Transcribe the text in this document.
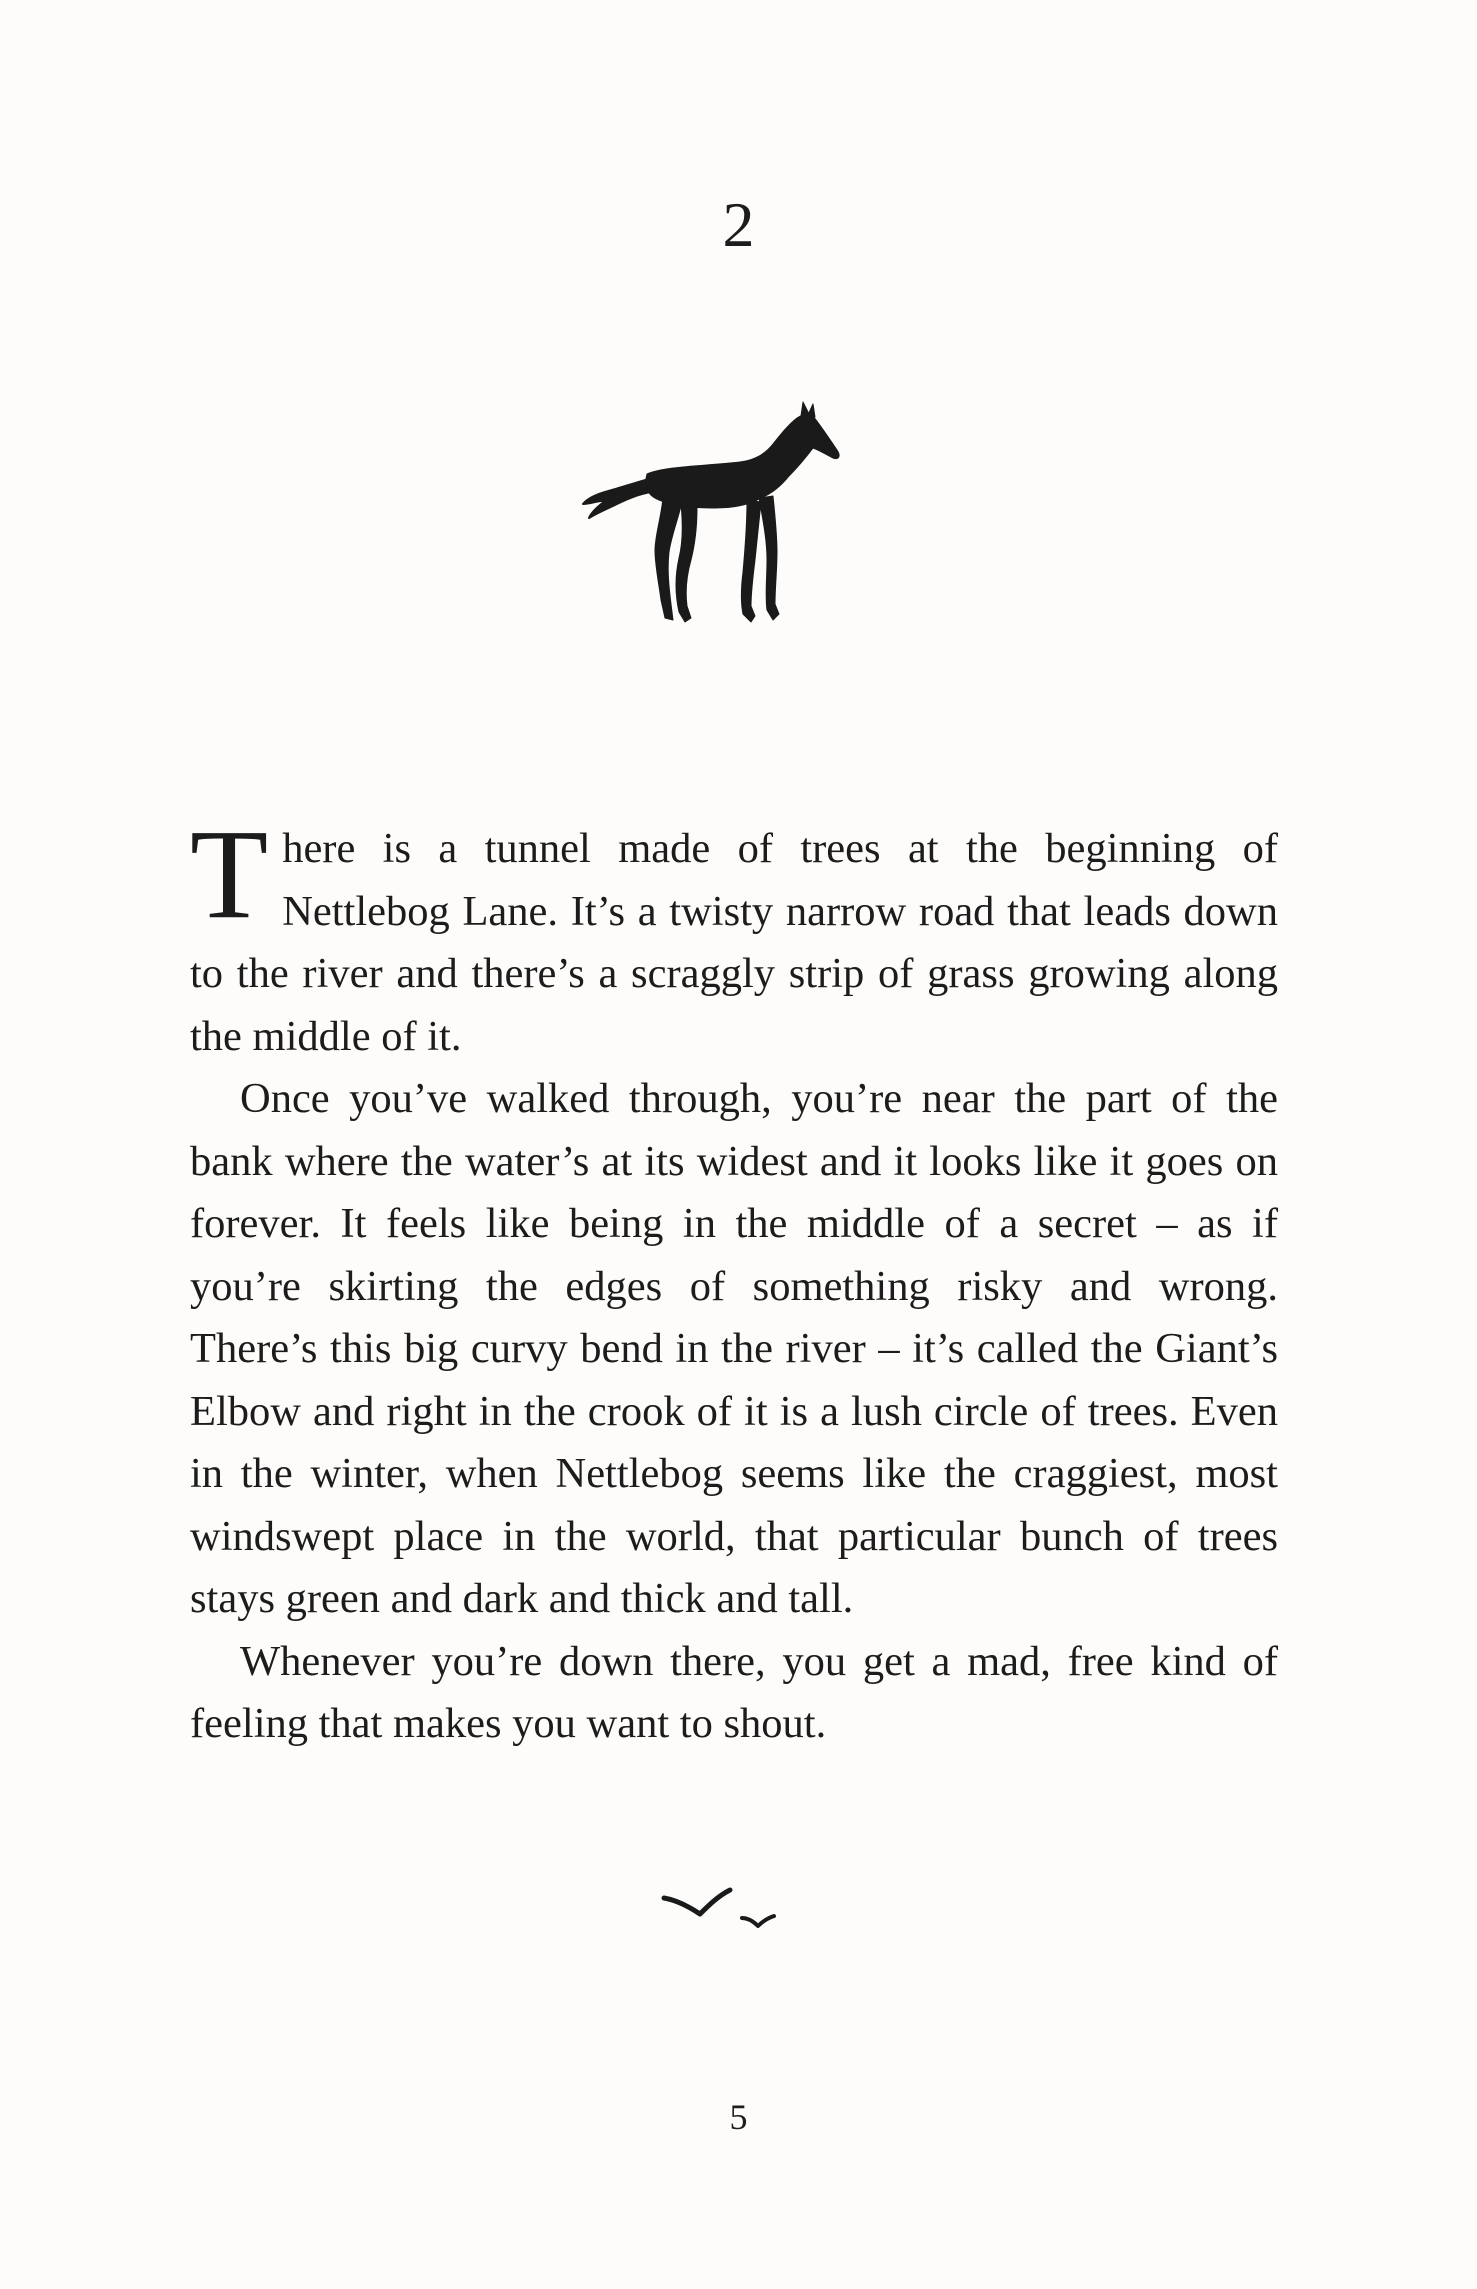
2

There is a tunnel made of trees at the beginning of Nettlebog Lane. It’s a twisty narrow road that leads down to the river and there’s a scraggly strip of grass growing along the middle of it.

Once you’ve walked through, you’re near the part of the bank where the water’s at its widest and it looks like it goes on forever. It feels like being in the middle of a secret – as if you’re skirting the edges of something risky and wrong. There’s this big curvy bend in the river – it’s called the Giant’s Elbow and right in the crook of it is a lush circle of trees. Even in the winter, when Nettlebog seems like the craggiest, most windswept place in the world, that particular bunch of trees stays green and dark and thick and tall.

Whenever you’re down there, you get a mad, free kind of feeling that makes you want to shout.

5
